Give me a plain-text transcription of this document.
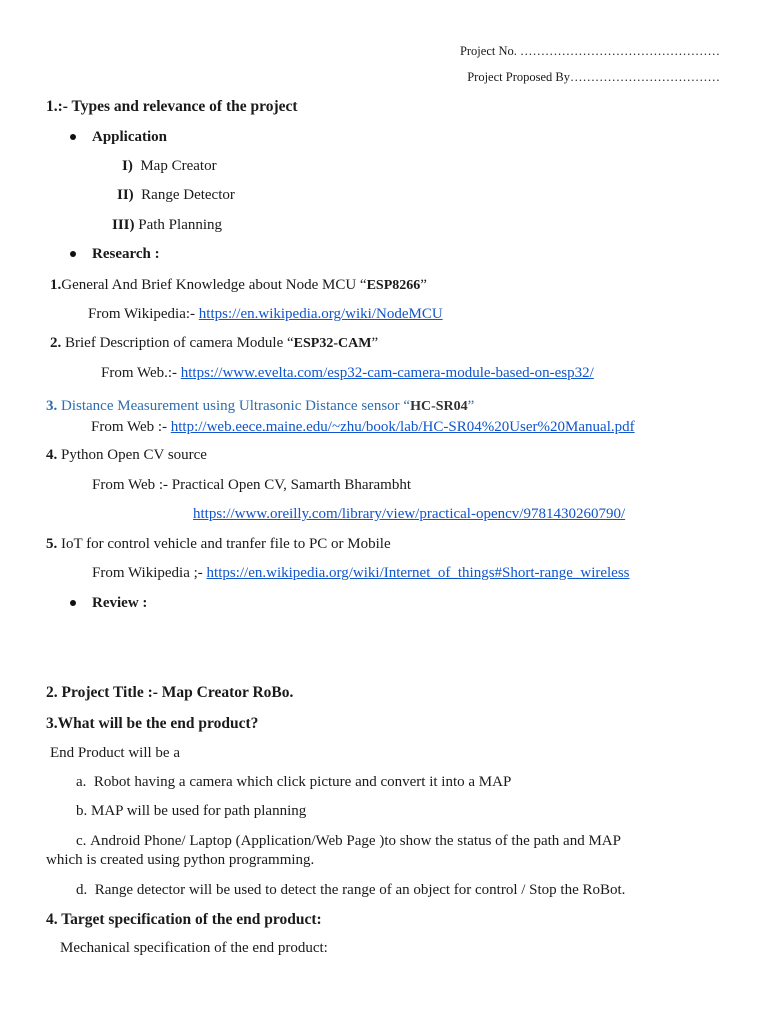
Project No. …………………………………………
Project Proposed By………………………………
1.:- Types and relevance of the project
Application
I) Map Creator
II) Range Detector
III) Path Planning
Research :
1.General And Brief Knowledge about Node MCU “ESP8266”
From Wikipedia:- https://en.wikipedia.org/wiki/NodeMCU
2. Brief Description of camera Module “ESP32-CAM”
From Web.:- https://www.evelta.com/esp32-cam-camera-module-based-on-esp32/
3. Distance Measurement using Ultrasonic Distance sensor “HC-SR04”
From Web :- http://web.eece.maine.edu/~zhu/book/lab/HC-SR04%20User%20Manual.pdf
4. Python Open CV source
From Web :- Practical Open CV, Samarth Bharambht
https://www.oreilly.com/library/view/practical-opencv/9781430260790/
5. IoT for control vehicle and tranfer file to PC or Mobile
From Wikipedia ;- https://en.wikipedia.org/wiki/Internet_of_things#Short-range_wireless
Review :
2. Project Title :- Map Creator RoBo.
3.What will be the end product?
End Product will be a
a.  Robot having a camera which click picture and convert it into a MAP
b. MAP will be used for path planning
c. Android Phone/ Laptop (Application/Web Page )to show the status of the path and MAP
which is created using python programming.
d.  Range detector will be used to detect the range of an object for control / Stop the RoBot.
4. Target specification of the end product:
Mechanical specification of the end product:
